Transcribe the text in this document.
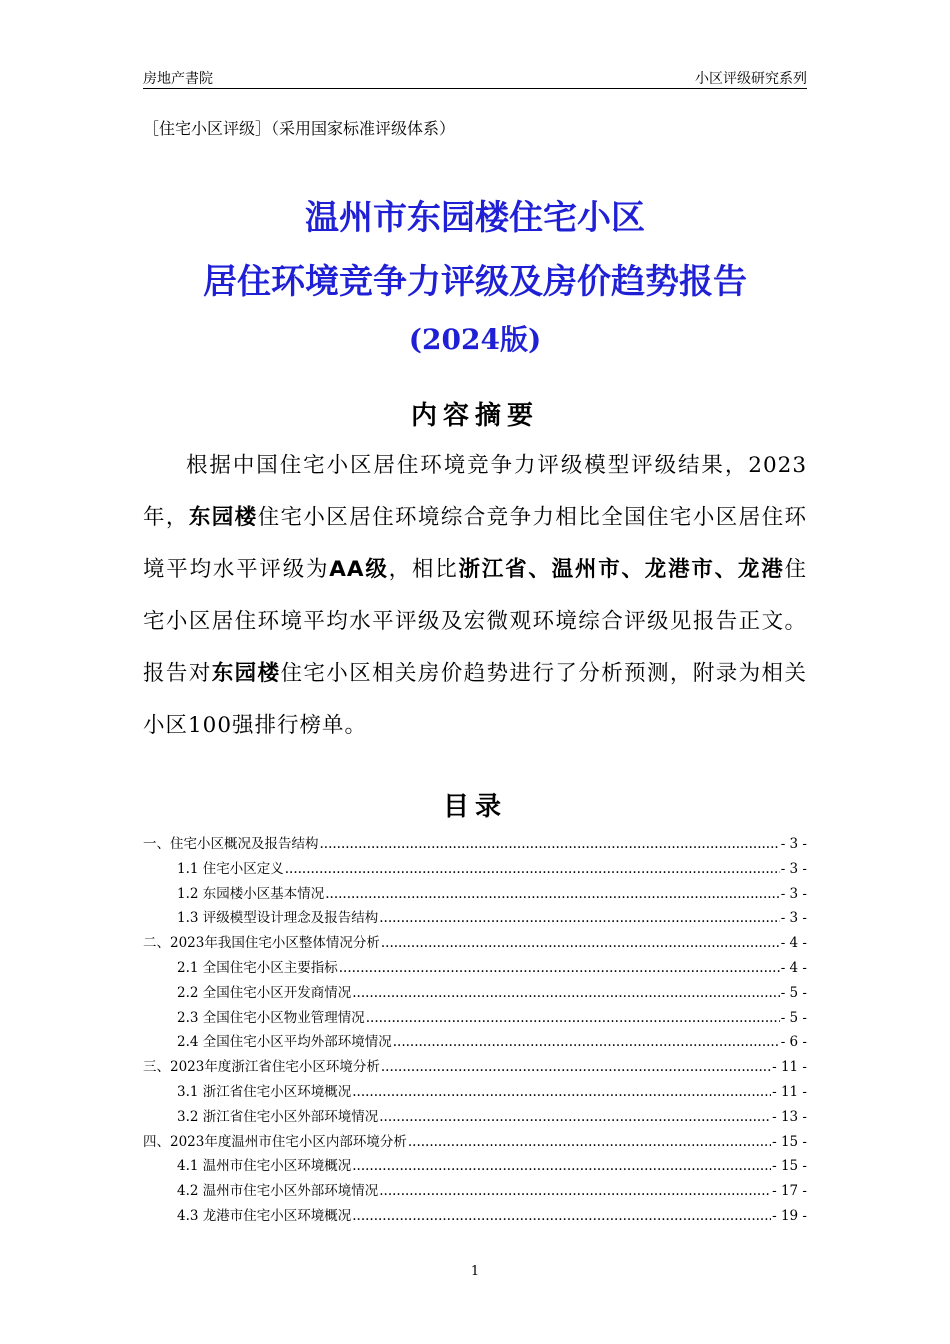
房地产書院	小区评级研究系列
［住宅小区评级］（采用国家标准评级体系）
温州市东园楼住宅小区
居住环境竞争力评级及房价趋势报告
(2024版)
内容摘要
根据中国住宅小区居住环境竞争力评级模型评级结果，2023年，东园楼住宅小区居住环境综合竞争力相比全国住宅小区居住环境平均水平评级为AA级，相比浙江省、温州市、龙港市、龙港住宅小区居住环境平均水平评级及宏微观环境综合评级见报告正文。报告对东园楼住宅小区相关房价趋势进行了分析预测，附录为相关小区100强排行榜单。
目录
一、住宅小区概况及报告结构 .....	- 3 -
1.1 住宅小区定义 .....	- 3 -
1.2 东园楼小区基本情况 .....	- 3 -
1.3 评级模型设计理念及报告结构 .....	- 3 -
二、2023年我国住宅小区整体情况分析 .....	- 4 -
2.1 全国住宅小区主要指标 .....	- 4 -
2.2 全国住宅小区开发商情况 .....	- 5 -
2.3 全国住宅小区物业管理情况 .....	- 5 -
2.4 全国住宅小区平均外部环境情况 .....	- 6 -
三、2023年度浙江省住宅小区环境分析 .....	- 11 -
3.1 浙江省住宅小区环境概况 .....	- 11 -
3.2 浙江省住宅小区外部环境情况 .....	- 13 -
四、2023年度温州市住宅小区内部环境分析 .....	- 15 -
4.1 温州市住宅小区环境概况 .....	- 15 -
4.2 温州市住宅小区外部环境情况 .....	- 17 -
4.3 龙港市住宅小区环境概况 .....	- 19 -
1
